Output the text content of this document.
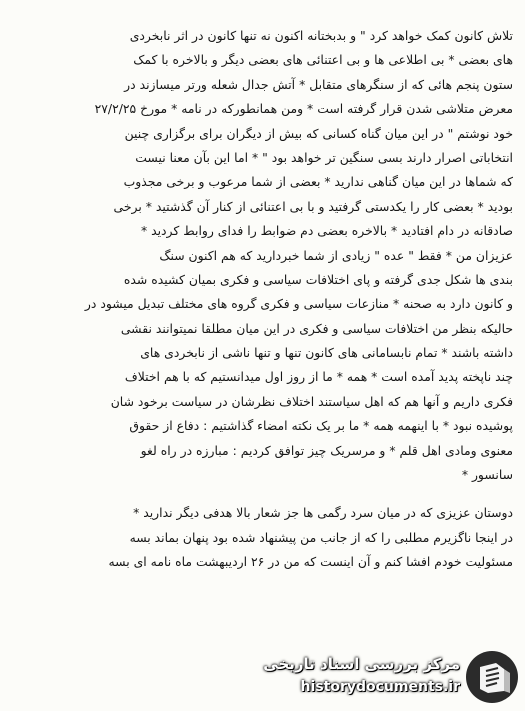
تلاش کانون کمک خواهد کرد " و بدبختانه اکنون نه تنها کانون در اثر نابخردی
های بعضی * بی اطلاعی ها و بی اعتنائی های بعضی دیگر و بالاخره با کمک
ستون پنجم هائی که از سنگرهای متقابل * آتش جدال شعله ورتر میسازند در
معرض متلاشی شدن قرار گرفته است * ومن همانطورکه در نامه * مورخ ۲۷/۲/۲۵
خود نوشتم " در این میان گناه کسانی که بیش از دیگران برای برگزاری چنین
انتخاباتی اصرار دارند بسی سنگین تر خواهد بود " * اما این بآن معنا نیست
که شماها در این میان گناهی ندارید * بعضی از شما مرعوب و برخی مجذوب
بودید * بعضی کار را یکدستی گرفتید و با بی اعتنائی از کنار آن گذشتید * برخی
صادقانه در دام افتادید * بالاخره بعضی دم ضوابط را فدای روابط کردید *
عزیزان من * فقط " عده " زیادی از شما خبردارید که هم اکنون سنگ
بندی ها شکل جدی گرفته و پای اختلافات سیاسی و فکری بمیان کشیده شده
و کانون دارد به صحنه * منازعات سیاسی و فکری گروه های مختلف تبدیل میشود در
حالیکه بنظر من اختلافات سیاسی و فکری در این میان مطلقا نمیتوانند نقشی
داشته باشند * تمام نابسامانی های کانون تنها و تنها ناشی از نابخردی های
چند ناپخته پدید آمده است * همه * ما از روز اول میدانستیم که با هم اختلاف
فکری داریم و آنها هم که اهل سیاستند اختلاف نظرشان در سیاست برخود شان
پوشیده نبود * با اینهمه همه * ما بر یک نکته امضاء گذاشتیم : دفاع از حقوق
معنوی ومادی اهل قلم * و مرسریک چیز توافق کردیم : مبارزه در راه لغو
سانسور *
دوستان عزیزی که در میان سرد رگمی ها جز شعار بالا هدفی دیگر ندارید *
در اینجا ناگزیرم مطلبی را که از جانب من پیشنهاد شده بود پنهان بماند بسه
مسئولیت خودم افشا کنم و آن اینست که من در ۲۶ اردیبهشت ماه نامه ای بسه
مرکز بررسی اسناد تاریخی
historydocuments.ir
